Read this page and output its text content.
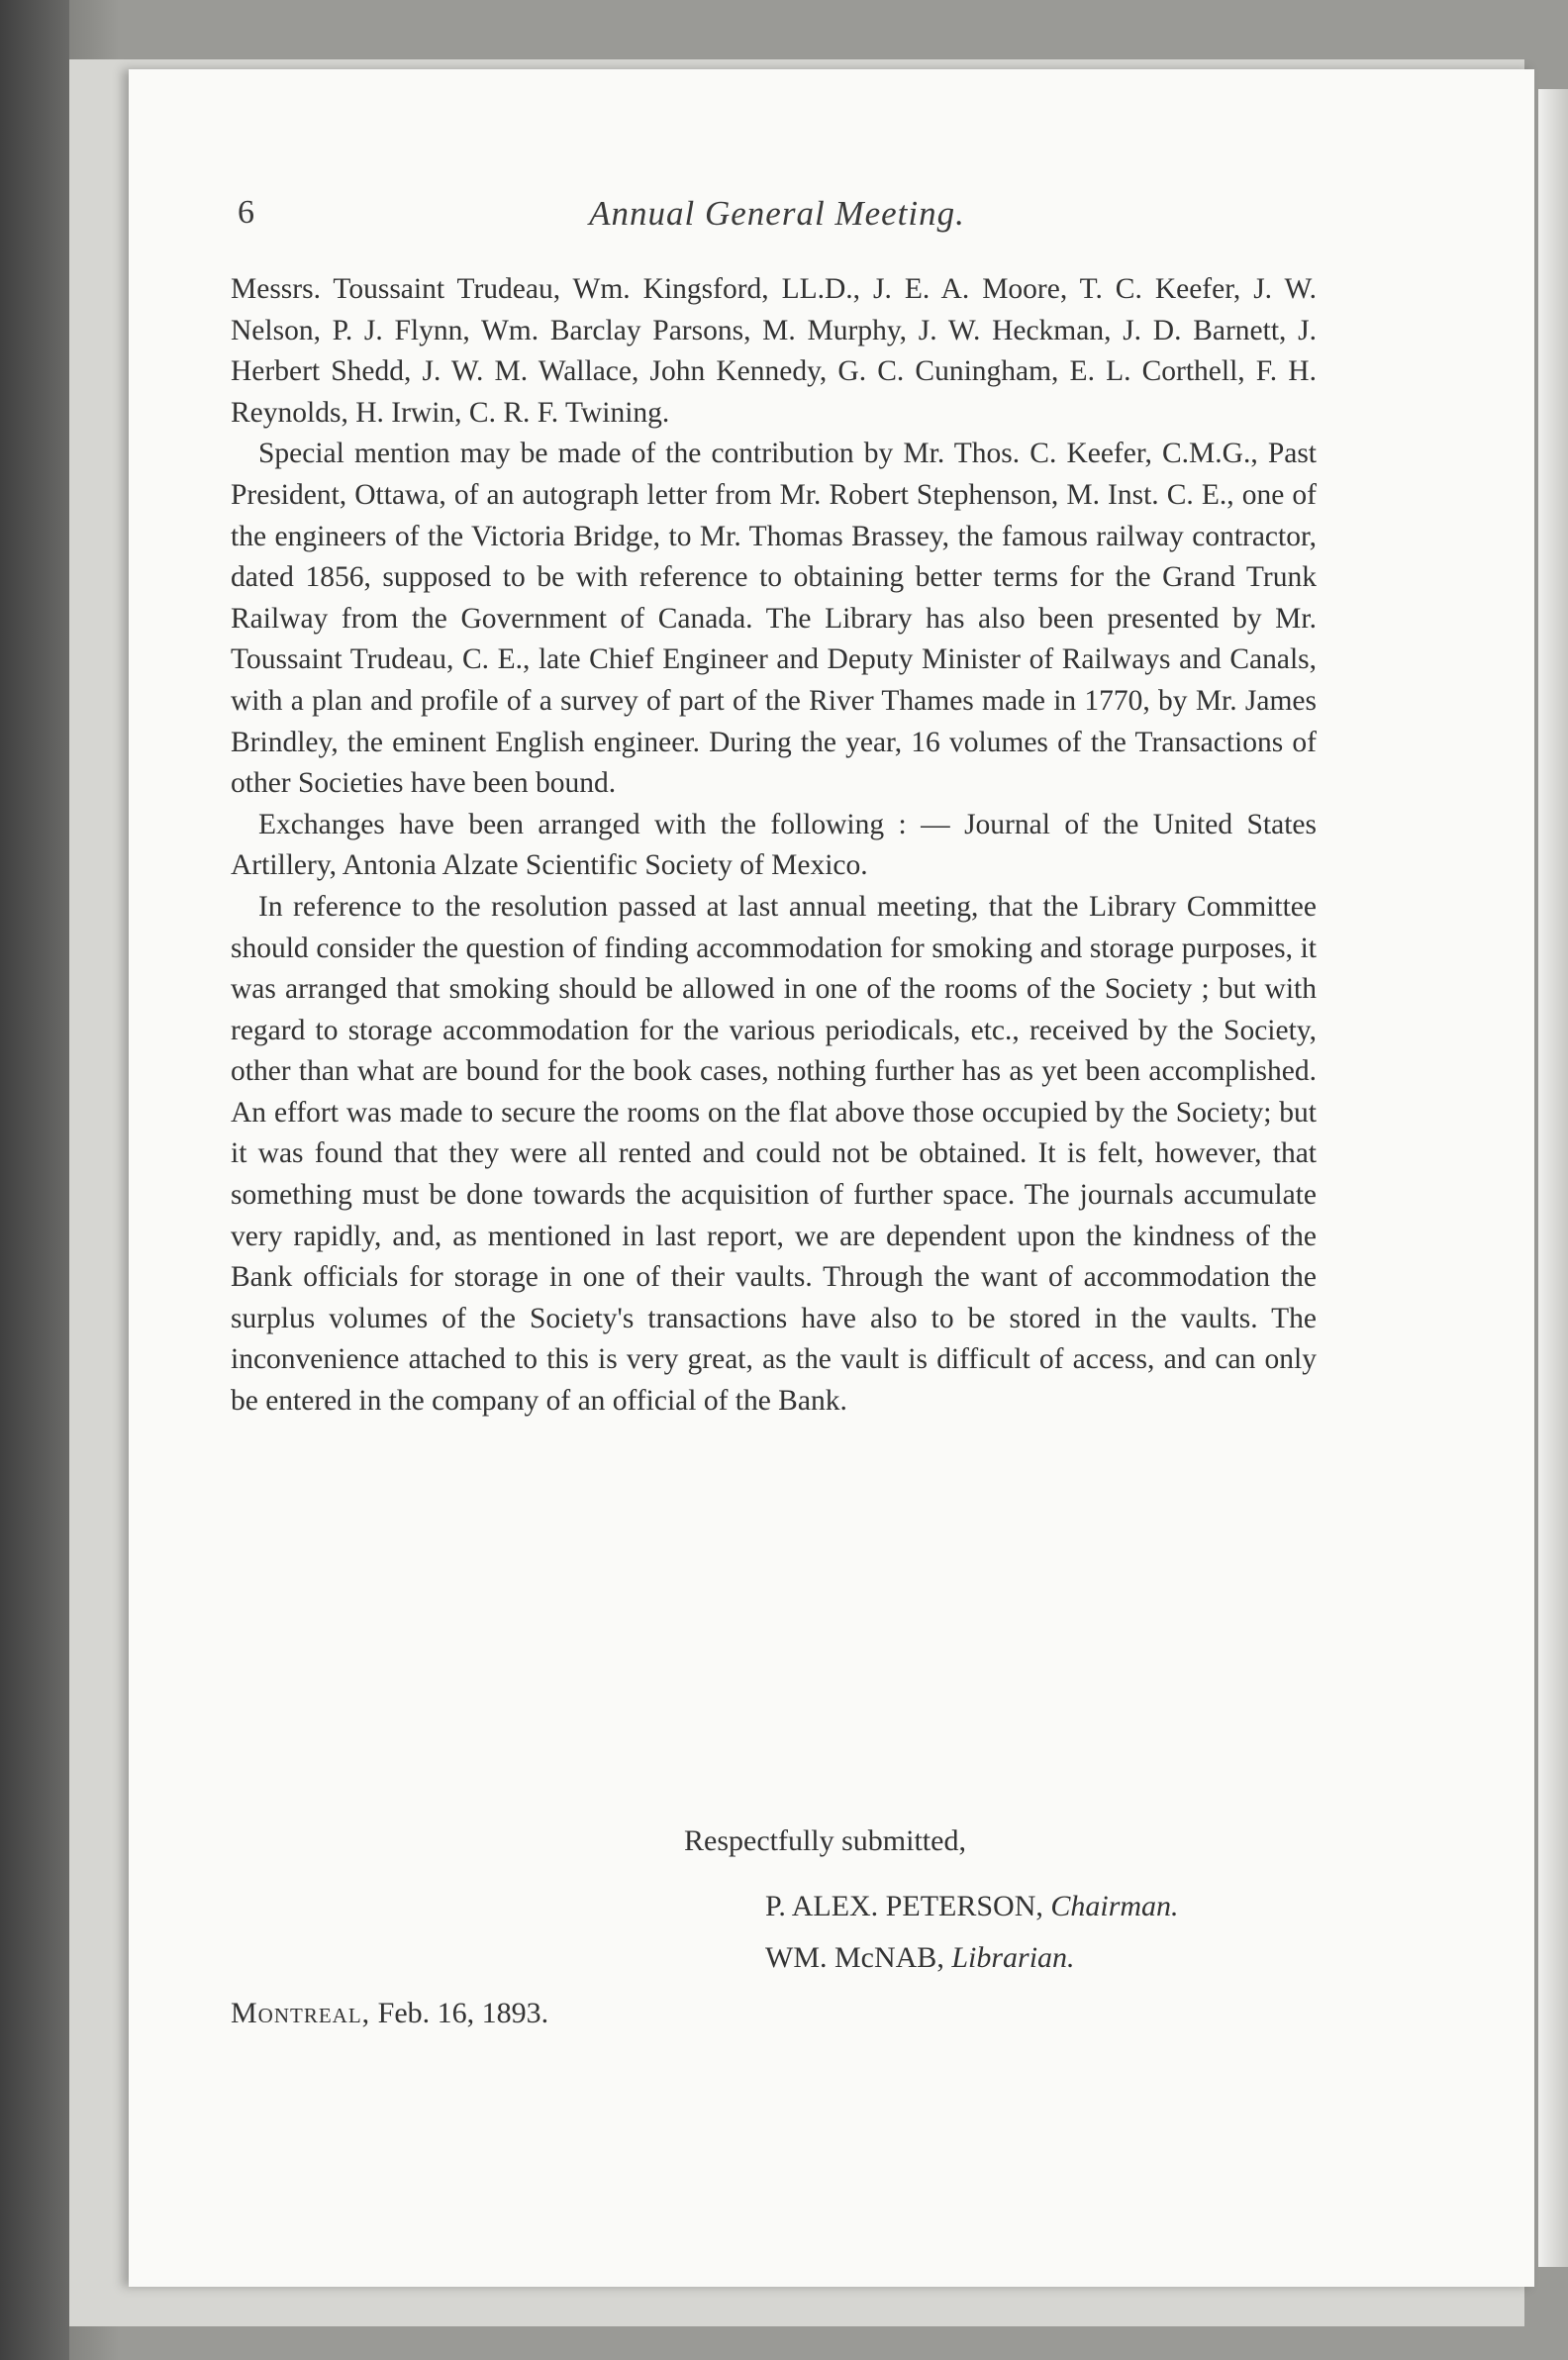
6	Annual General Meeting.

Messrs. Toussaint Trudeau, Wm. Kingsford, LL.D., J. E. A. Moore, T. C. Keefer, J. W. Nelson, P. J. Flynn, Wm. Barclay Parsons, M. Murphy, J. W. Heckman, J. D. Barnett, J. Herbert Shedd, J. W. M. Wallace, John Kennedy, G. C. Cuningham, E. L. Corthell, F. H. Reynolds, H. Irwin, C. R. F. Twining.

Special mention may be made of the contribution by Mr. Thos. C. Keefer, C.M.G., Past President, Ottawa, of an autograph letter from Mr. Robert Stephenson, M. Inst. C. E., one of the engineers of the Victoria Bridge, to Mr. Thomas Brassey, the famous railway contractor, dated 1856, supposed to be with reference to obtaining better terms for the Grand Trunk Railway from the Government of Canada. The Library has also been presented by Mr. Toussaint Trudeau, C. E., late Chief Engineer and Deputy Minister of Railways and Canals, with a plan and profile of a survey of part of the River Thames made in 1770, by Mr. James Brindley, the eminent English engineer. During the year, 16 volumes of the Transactions of other Societies have been bound.

Exchanges have been arranged with the following : — Journal of the United States Artillery, Antonia Alzate Scientific Society of Mexico.

In reference to the resolution passed at last annual meeting, that the Library Committee should consider the question of finding accommodation for smoking and storage purposes, it was arranged that smoking should be allowed in one of the rooms of the Society ; but with regard to storage accommodation for the various periodicals, etc., received by the Society, other than what are bound for the book cases, nothing further has as yet been accomplished. An effort was made to secure the rooms on the flat above those occupied by the Society; but it was found that they were all rented and could not be obtained. It is felt, however, that something must be done towards the acquisition of further space. The journals accumulate very rapidly, and, as mentioned in last report, we are dependent upon the kindness of the Bank officials for storage in one of their vaults. Through the want of accommodation the surplus volumes of the Society's transactions have also to be stored in the vaults. The inconvenience attached to this is very great, as the vault is difficult of access, and can only be entered in the company of an official of the Bank.

Respectfully submitted,
P. ALEX. PETERSON, Chairman.
WM. McNAB, Librarian.
Montreal, Feb. 16, 1893.
